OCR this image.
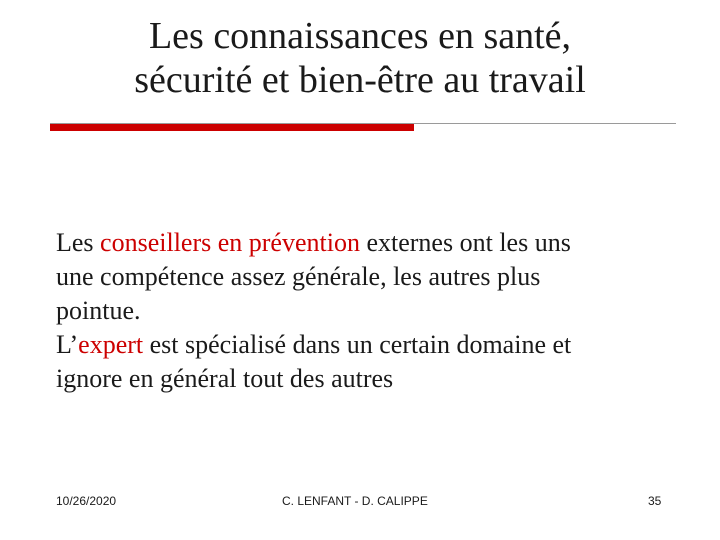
Les connaissances en santé,
sécurité et bien-être au travail
Les conseillers en prévention externes ont les uns
une compétence assez générale, les autres plus
pointue.
L’expert est spécialisé dans un certain domaine et
ignore en général tout des autres
10/26/2020	C. LENFANT - D. CALIPPE	35
